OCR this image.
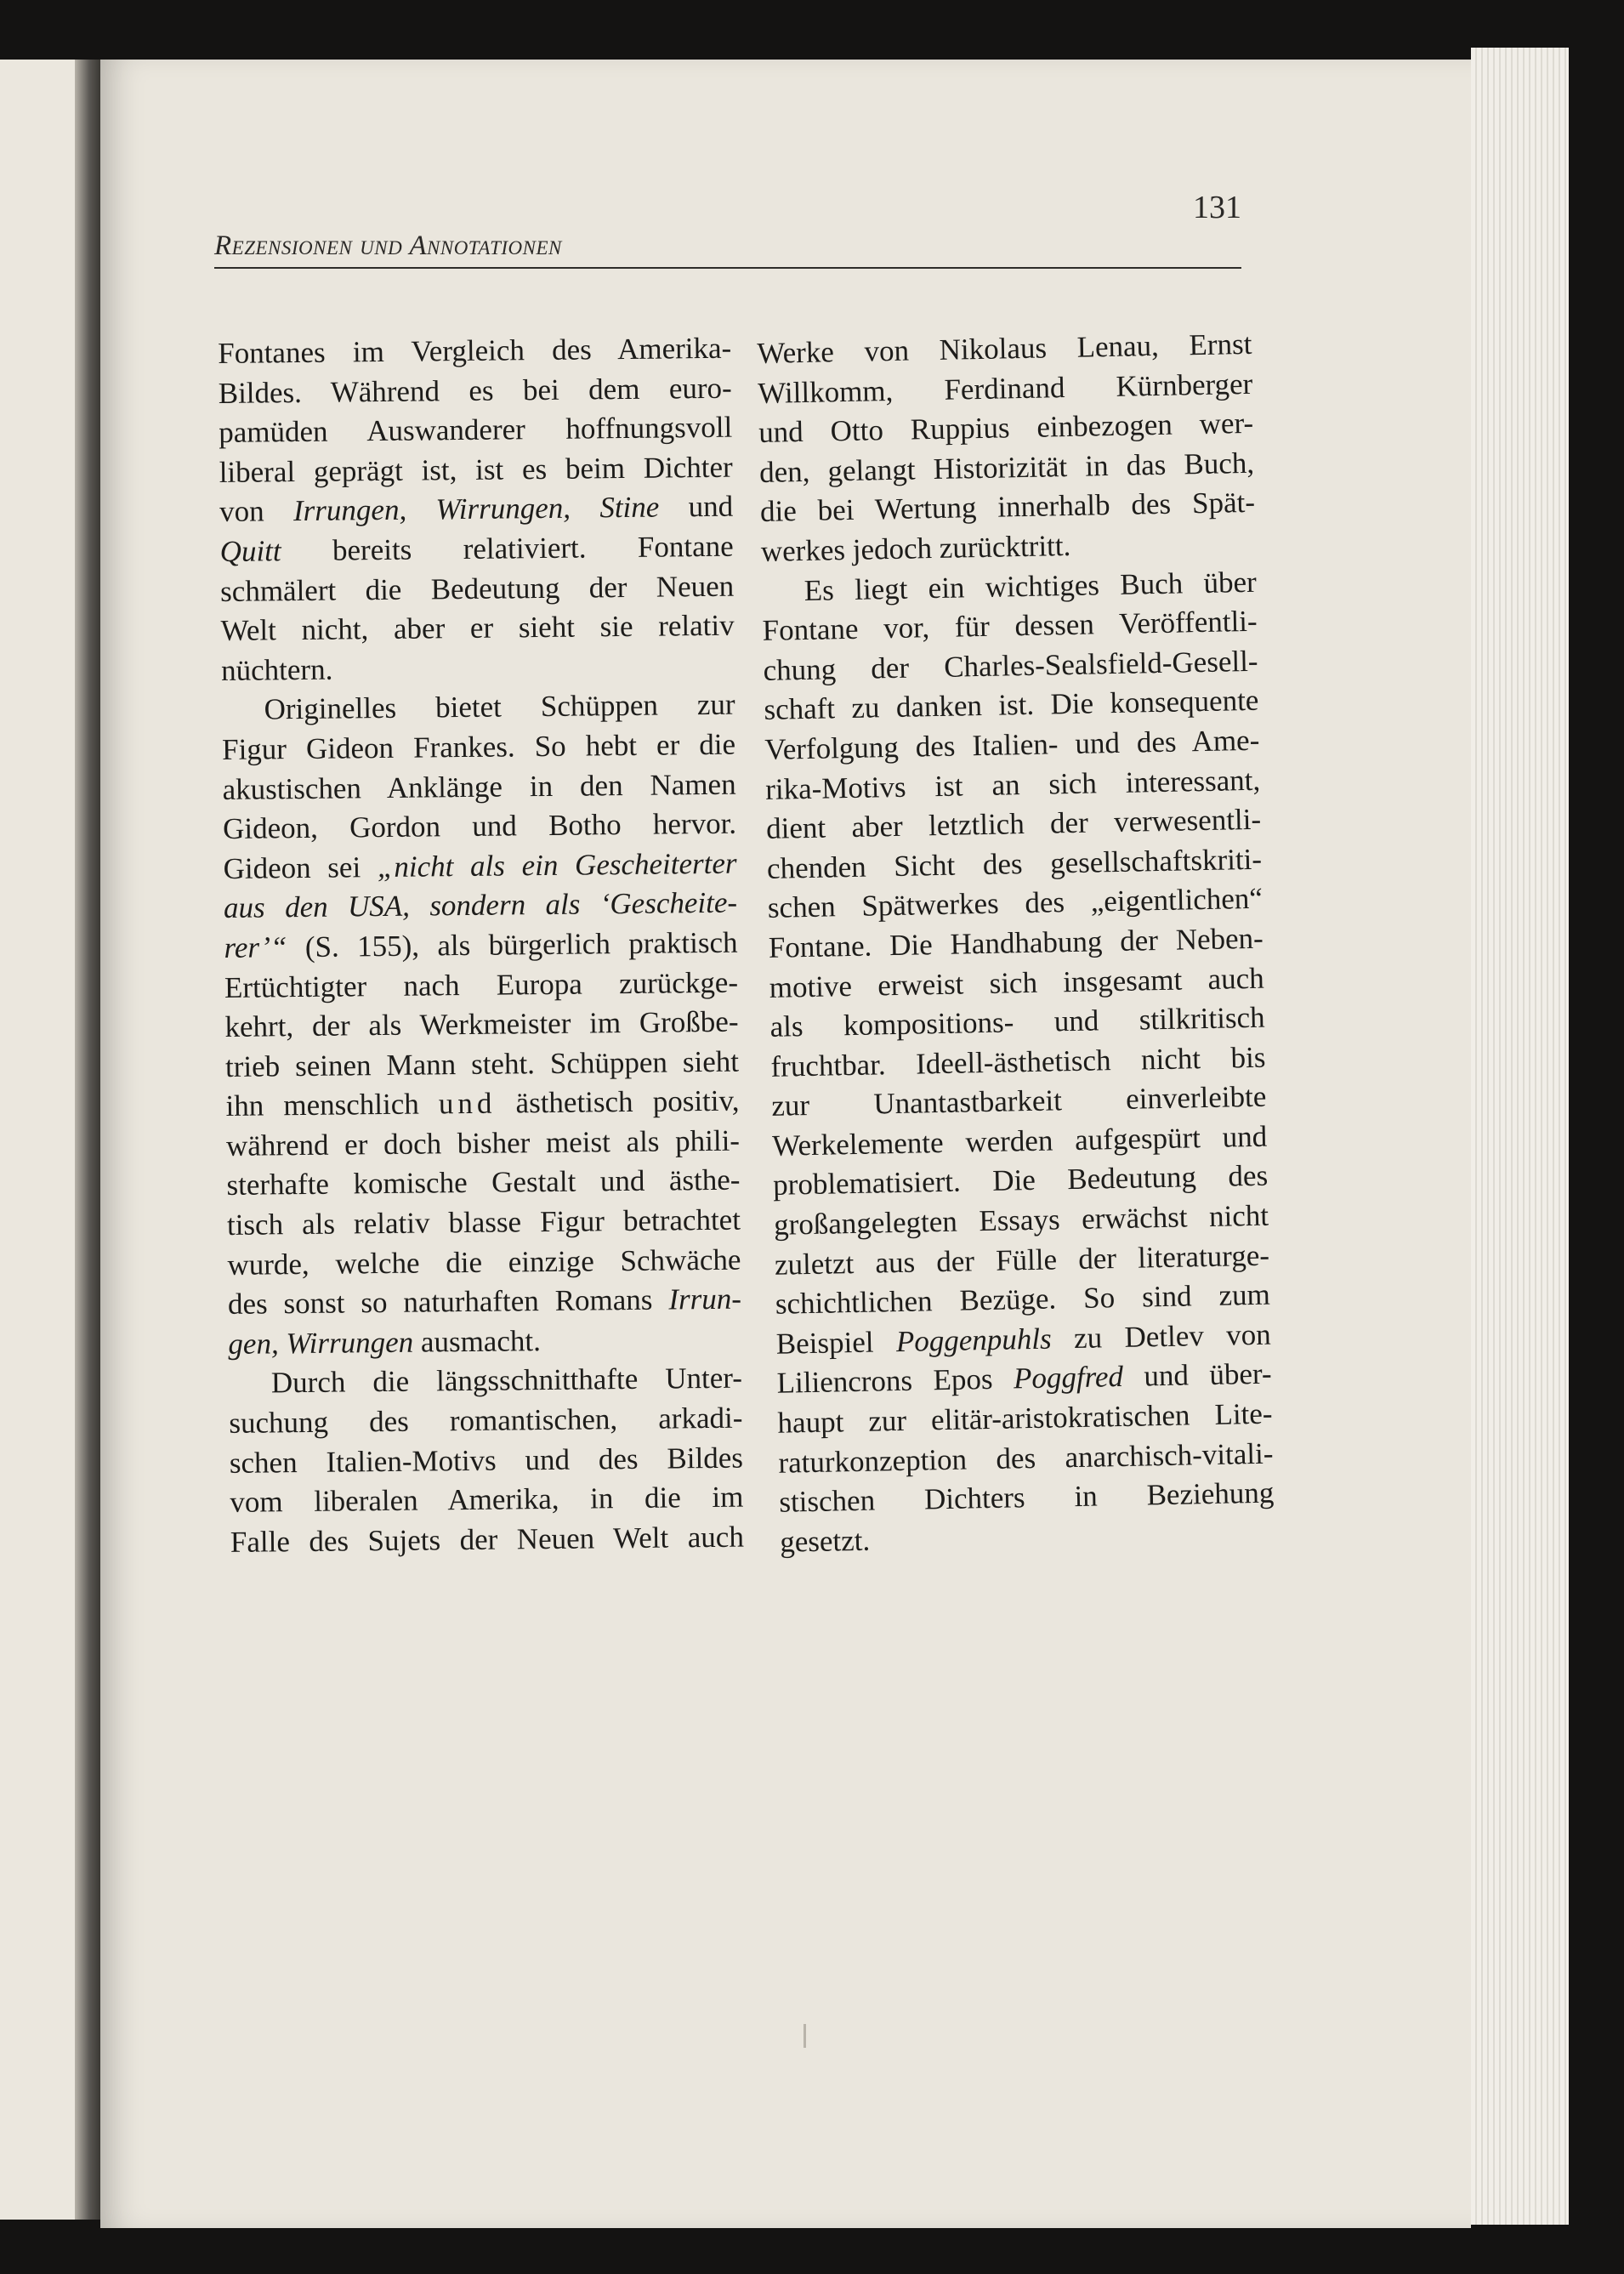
Rezensionen und Annotationen
131
Fontanes im Vergleich des Amerika-
Bildes. Während es bei dem euro-
pamüden Auswanderer hoffnungsvoll
liberal geprägt ist, ist es beim Dichter
von Irrungen, Wirrungen, Stine und
Quitt bereits relativiert. Fontane
schmälert die Bedeutung der Neuen
Welt nicht, aber er sieht sie relativ
nüchtern.
Originelles bietet Schüppen zur
Figur Gideon Frankes. So hebt er die
akustischen Anklänge in den Namen
Gideon, Gordon und Botho hervor.
Gideon sei „nicht als ein Gescheiterter
aus den USA, sondern als ‘Gescheite-
rer’“ (S. 155), als bürgerlich praktisch
Ertüchtigter nach Europa zurückge-
kehrt, der als Werkmeister im Großbe-
trieb seinen Mann steht. Schüppen sieht
ihn menschlich und ästhetisch positiv,
während er doch bisher meist als phili-
sterhafte komische Gestalt und ästhe-
tisch als relativ blasse Figur betrachtet
wurde, welche die einzige Schwäche
des sonst so naturhaften Romans Irrun-
gen, Wirrungen ausmacht.
Durch die längsschnitthafte Unter-
suchung des romantischen, arkadi-
schen Italien-Motivs und des Bildes
vom liberalen Amerika, in die im
Falle des Sujets der Neuen Welt auch
Werke von Nikolaus Lenau, Ernst
Willkomm, Ferdinand Kürnberger
und Otto Ruppius einbezogen wer-
den, gelangt Historizität in das Buch,
die bei Wertung innerhalb des Spät-
werkes jedoch zurücktritt.
Es liegt ein wichtiges Buch über
Fontane vor, für dessen Veröffentli-
chung der Charles-Sealsfield-Gesell-
schaft zu danken ist. Die konsequente
Verfolgung des Italien- und des Ame-
rika-Motivs ist an sich interessant,
dient aber letztlich der verwesentli-
chenden Sicht des gesellschaftskriti-
schen Spätwerkes des „eigentlichen“
Fontane. Die Handhabung der Neben-
motive erweist sich insgesamt auch
als kompositions- und stilkritisch
fruchtbar. Ideell-ästhetisch nicht bis
zur Unantastbarkeit einverleibte
Werkelemente werden aufgespürt und
problematisiert. Die Bedeutung des
großangelegten Essays erwächst nicht
zuletzt aus der Fülle der literaturge-
schichtlichen Bezüge. So sind zum
Beispiel Poggenpuhls zu Detlev von
Liliencrons Epos Poggfred und über-
haupt zur elitär-aristokratischen Lite-
raturkonzeption des anarchisch-vitali-
stischen Dichters in Beziehung
gesetzt.
